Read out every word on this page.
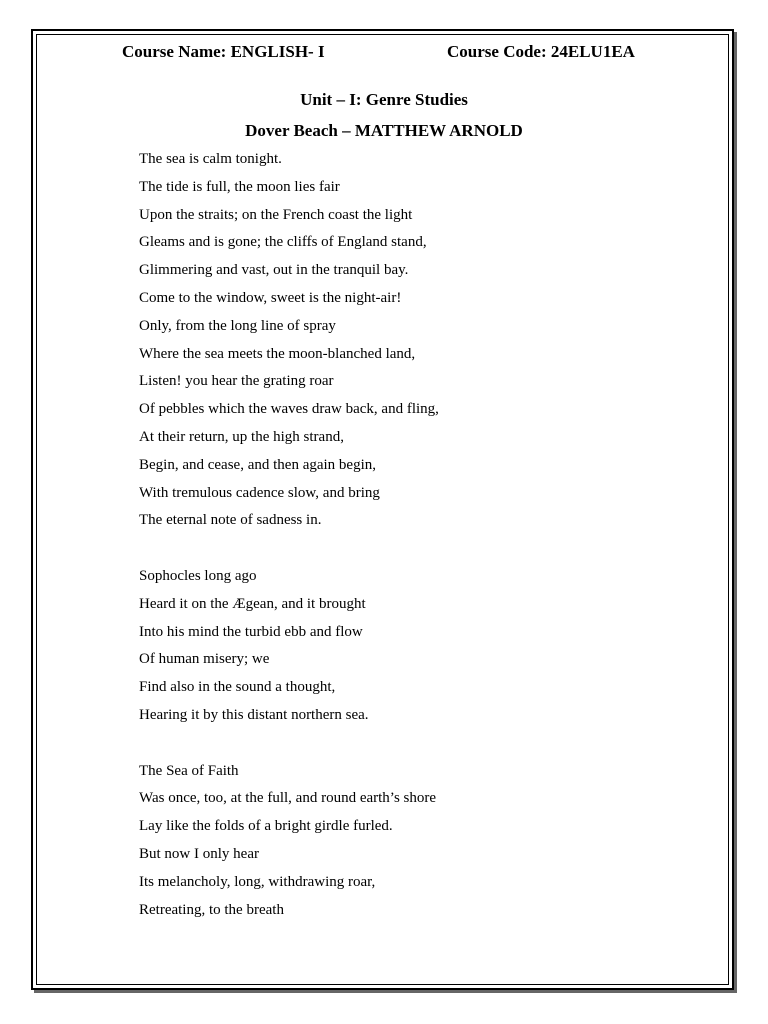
Course Name: ENGLISH- I	Course Code: 24ELU1EA
Unit – I: Genre Studies
Dover Beach – MATTHEW ARNOLD
The sea is calm tonight.
The tide is full, the moon lies fair
Upon the straits; on the French coast the light
Gleams and is gone; the cliffs of England stand,
Glimmering and vast, out in the tranquil bay.
Come to the window, sweet is the night-air!
Only, from the long line of spray
Where the sea meets the moon-blanched land,
Listen! you hear the grating roar
Of pebbles which the waves draw back, and fling,
At their return, up the high strand,
Begin, and cease, and then again begin,
With tremulous cadence slow, and bring
The eternal note of sadness in.
Sophocles long ago
Heard it on the Ægean, and it brought
Into his mind the turbid ebb and flow
Of human misery; we
Find also in the sound a thought,
Hearing it by this distant northern sea.
The Sea of Faith
Was once, too, at the full, and round earth’s shore
Lay like the folds of a bright girdle furled.
But now I only hear
Its melancholy, long, withdrawing roar,
Retreating, to the breath
